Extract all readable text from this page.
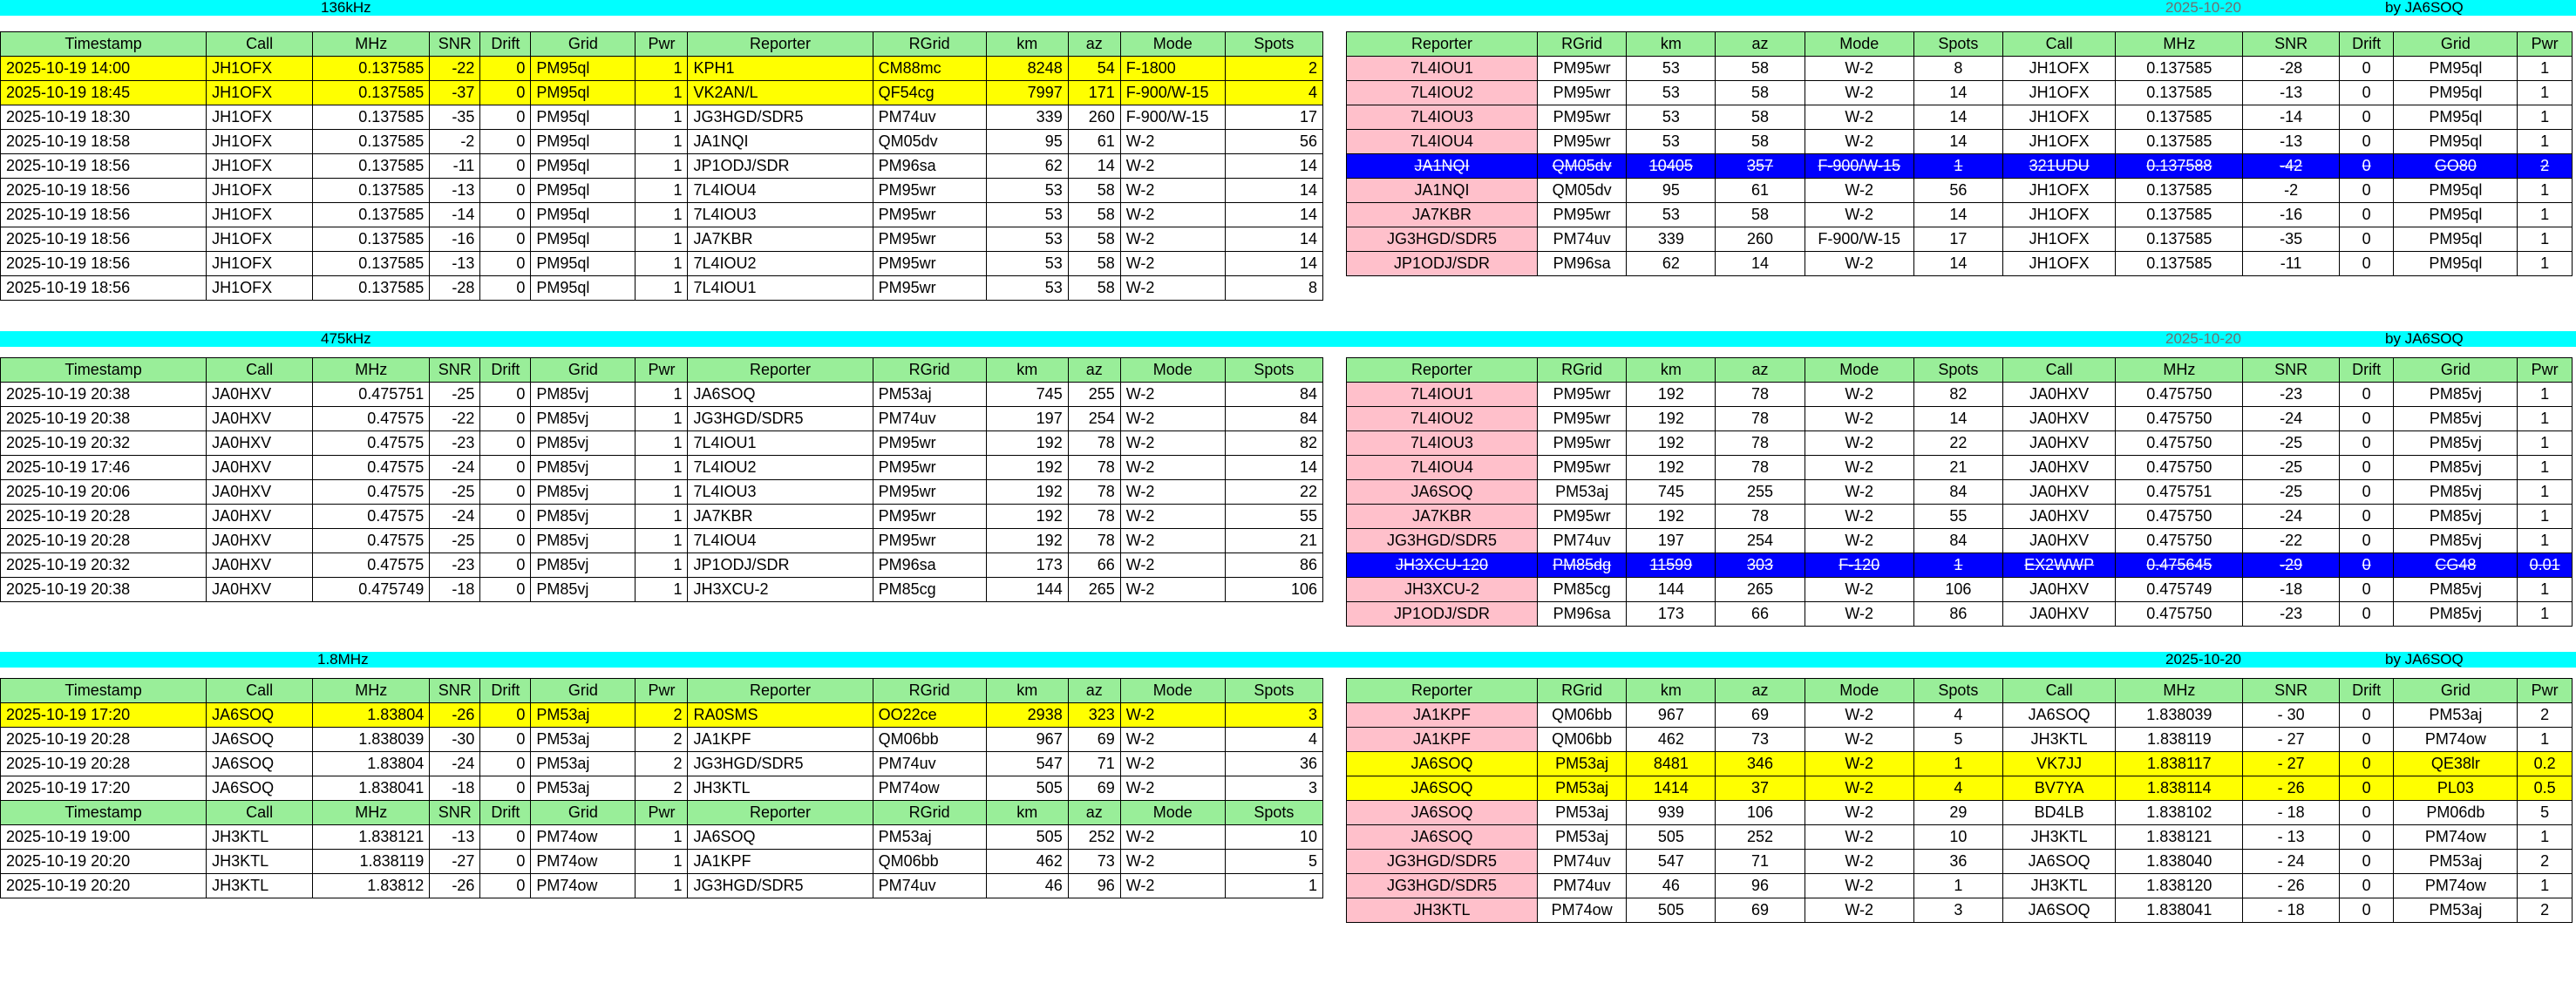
136kHz
475kHz
1.8MHz
2025-10-20
2025-10-20
2025-10-20
by JA6SOQ
by JA6SOQ
by JA6SOQ
Timestamp	Call	MHz	SNR	Drift	Grid	Pwr	Reporter	RGrid	km	az	Mode	Spots
2025-10-19 14:00	JH1OFX	0.137585	-22	0	PM95ql	1	KPH1	CM88mc	8248	54	F-1800	2
2025-10-19 18:45	JH1OFX	0.137585	-37	0	PM95ql	1	VK2AN/L	QF54cg	7997	171	F-900/W-15	4
2025-10-19 18:30	JH1OFX	0.137585	-35	0	PM95ql	1	JG3HGD/SDR5	PM74uv	339	260	F-900/W-15	17
2025-10-19 18:58	JH1OFX	0.137585	-2	0	PM95ql	1	JA1NQI	QM05dv	95	61	W-2	56
2025-10-19 18:56	JH1OFX	0.137585	-11	0	PM95ql	1	JP1ODJ/SDR	PM96sa	62	14	W-2	14
2025-10-19 18:56	JH1OFX	0.137585	-13	0	PM95ql	1	7L4IOU4	PM95wr	53	58	W-2	14
2025-10-19 18:56	JH1OFX	0.137585	-14	0	PM95ql	1	7L4IOU3	PM95wr	53	58	W-2	14
2025-10-19 18:56	JH1OFX	0.137585	-16	0	PM95ql	1	JA7KBR	PM95wr	53	58	W-2	14
2025-10-19 18:56	JH1OFX	0.137585	-13	0	PM95ql	1	7L4IOU2	PM95wr	53	58	W-2	14
2025-10-19 18:56	JH1OFX	0.137585	-28	0	PM95ql	1	7L4IOU1	PM95wr	53	58	W-2	8
Reporter	RGrid	km	az	Mode	Spots	Call	MHz	SNR	Drift	Grid	Pwr
7L4IOU1	PM95wr	53	58	W-2	8	JH1OFX	0.137585	-28	0	PM95ql	1
7L4IOU2	PM95wr	53	58	W-2	14	JH1OFX	0.137585	-13	0	PM95ql	1
7L4IOU3	PM95wr	53	58	W-2	14	JH1OFX	0.137585	-14	0	PM95ql	1
7L4IOU4	PM95wr	53	58	W-2	14	JH1OFX	0.137585	-13	0	PM95ql	1
JA1NQI	QM05dv	10405	357	F-900/W-15	1	321UDU	0.137588	-42	0	GO80	2
JA1NQI	QM05dv	95	61	W-2	56	JH1OFX	0.137585	-2	0	PM95ql	1
JA7KBR	PM95wr	53	58	W-2	14	JH1OFX	0.137585	-16	0	PM95ql	1
JG3HGD/SDR5	PM74uv	339	260	F-900/W-15	17	JH1OFX	0.137585	-35	0	PM95ql	1
JP1ODJ/SDR	PM96sa	62	14	W-2	14	JH1OFX	0.137585	-11	0	PM95ql	1
Timestamp	Call	MHz	SNR	Drift	Grid	Pwr	Reporter	RGrid	km	az	Mode	Spots
2025-10-19 20:38	JA0HXV	0.475751	-25	0	PM85vj	1	JA6SOQ	PM53aj	745	255	W-2	84
2025-10-19 20:38	JA0HXV	0.47575	-22	0	PM85vj	1	JG3HGD/SDR5	PM74uv	197	254	W-2	84
2025-10-19 20:32	JA0HXV	0.47575	-23	0	PM85vj	1	7L4IOU1	PM95wr	192	78	W-2	82
2025-10-19 17:46	JA0HXV	0.47575	-24	0	PM85vj	1	7L4IOU2	PM95wr	192	78	W-2	14
2025-10-19 20:06	JA0HXV	0.47575	-25	0	PM85vj	1	7L4IOU3	PM95wr	192	78	W-2	22
2025-10-19 20:28	JA0HXV	0.47575	-24	0	PM85vj	1	JA7KBR	PM95wr	192	78	W-2	55
2025-10-19 20:28	JA0HXV	0.47575	-25	0	PM85vj	1	7L4IOU4	PM95wr	192	78	W-2	21
2025-10-19 20:32	JA0HXV	0.47575	-23	0	PM85vj	1	JP1ODJ/SDR	PM96sa	173	66	W-2	86
2025-10-19 20:38	JA0HXV	0.475749	-18	0	PM85vj	1	JH3XCU-2	PM85cg	144	265	W-2	106
Reporter	RGrid	km	az	Mode	Spots	Call	MHz	SNR	Drift	Grid	Pwr
7L4IOU1	PM95wr	192	78	W-2	82	JA0HXV	0.475750	-23	0	PM85vj	1
7L4IOU2	PM95wr	192	78	W-2	14	JA0HXV	0.475750	-24	0	PM85vj	1
7L4IOU3	PM95wr	192	78	W-2	22	JA0HXV	0.475750	-25	0	PM85vj	1
7L4IOU4	PM95wr	192	78	W-2	21	JA0HXV	0.475750	-25	0	PM85vj	1
JA6SOQ	PM53aj	745	255	W-2	84	JA0HXV	0.475751	-25	0	PM85vj	1
JA7KBR	PM95wr	192	78	W-2	55	JA0HXV	0.475750	-24	0	PM85vj	1
JG3HGD/SDR5	PM74uv	197	254	W-2	84	JA0HXV	0.475750	-22	0	PM85vj	1
JH3XCU-120	PM85dg	11599	303	F-120	1	EX2WWP	0.475645	-29	0	CG48	0.01
JH3XCU-2	PM85cg	144	265	W-2	106	JA0HXV	0.475749	-18	0	PM85vj	1
JP1ODJ/SDR	PM96sa	173	66	W-2	86	JA0HXV	0.475750	-23	0	PM85vj	1
Timestamp	Call	MHz	SNR	Drift	Grid	Pwr	Reporter	RGrid	km	az	Mode	Spots
2025-10-19 17:20	JA6SOQ	1.83804	-26	0	PM53aj	2	RA0SMS	OO22ce	2938	323	W-2	3
2025-10-19 20:28	JA6SOQ	1.838039	-30	0	PM53aj	2	JA1KPF	QM06bb	967	69	W-2	4
2025-10-19 20:28	JA6SOQ	1.83804	-24	0	PM53aj	2	JG3HGD/SDR5	PM74uv	547	71	W-2	36
2025-10-19 17:20	JA6SOQ	1.838041	-18	0	PM53aj	2	JH3KTL	PM74ow	505	69	W-2	3
Timestamp	Call	MHz	SNR	Drift	Grid	Pwr	Reporter	RGrid	km	az	Mode	Spots
2025-10-19 19:00	JH3KTL	1.838121	-13	0	PM74ow	1	JA6SOQ	PM53aj	505	252	W-2	10
2025-10-19 20:20	JH3KTL	1.838119	-27	0	PM74ow	1	JA1KPF	QM06bb	462	73	W-2	5
2025-10-19 20:20	JH3KTL	1.83812	-26	0	PM74ow	1	JG3HGD/SDR5	PM74uv	46	96	W-2	1
Reporter	RGrid	km	az	Mode	Spots	Call	MHz	SNR	Drift	Grid	Pwr
JA1KPF	QM06bb	967	69	W-2	4	JA6SOQ	1.838039	- 30	0	PM53aj	2
JA1KPF	QM06bb	462	73	W-2	5	JH3KTL	1.838119	- 27	0	PM74ow	1
JA6SOQ	PM53aj	8481	346	W-2	1	VK7JJ	1.838117	- 27	0	QE38lr	0.2
JA6SOQ	PM53aj	1414	37	W-2	4	BV7YA	1.838114	- 26	0	PL03	0.5
JA6SOQ	PM53aj	939	106	W-2	29	BD4LB	1.838102	- 18	0	PM06db	5
JA6SOQ	PM53aj	505	252	W-2	10	JH3KTL	1.838121	- 13	0	PM74ow	1
JG3HGD/SDR5	PM74uv	547	71	W-2	36	JA6SOQ	1.838040	- 24	0	PM53aj	2
JG3HGD/SDR5	PM74uv	46	96	W-2	1	JH3KTL	1.838120	- 26	0	PM74ow	1
JH3KTL	PM74ow	505	69	W-2	3	JA6SOQ	1.838041	- 18	0	PM53aj	2
